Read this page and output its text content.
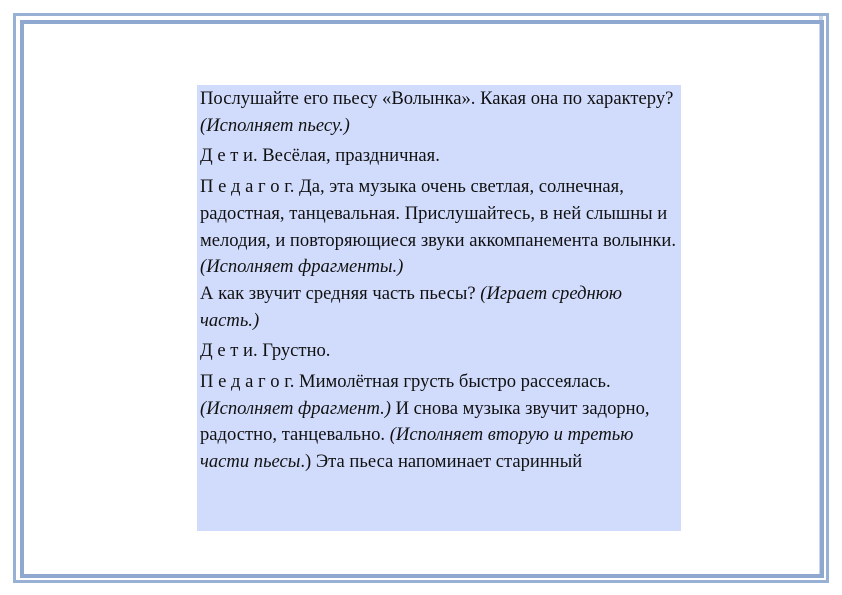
Послушайте его пьесу «Волынка». Какая она по характеру? (Исполняет пьесу.)

Д е т и. Весёлая, праздничная.

П е д а г о г. Да, эта музыка очень светлая, солнечная, радостная, танцевальная. Прислушайтесь, в ней слышны и мелодия, и повторяющиеся звуки аккомпанемента волынки. (Исполняет фрагменты.)

А как звучит средняя часть пьесы? (Играет среднюю часть.)

Д е т и. Грустно.

П е д а г о г. Мимолётная грусть быстро рассеялась. (Исполняет фрагмент.) И снова музыка звучит задорно, радостно, танцевально. (Исполняет вторую и третью части пьесы.) Эта пьеса напоминает старинный
